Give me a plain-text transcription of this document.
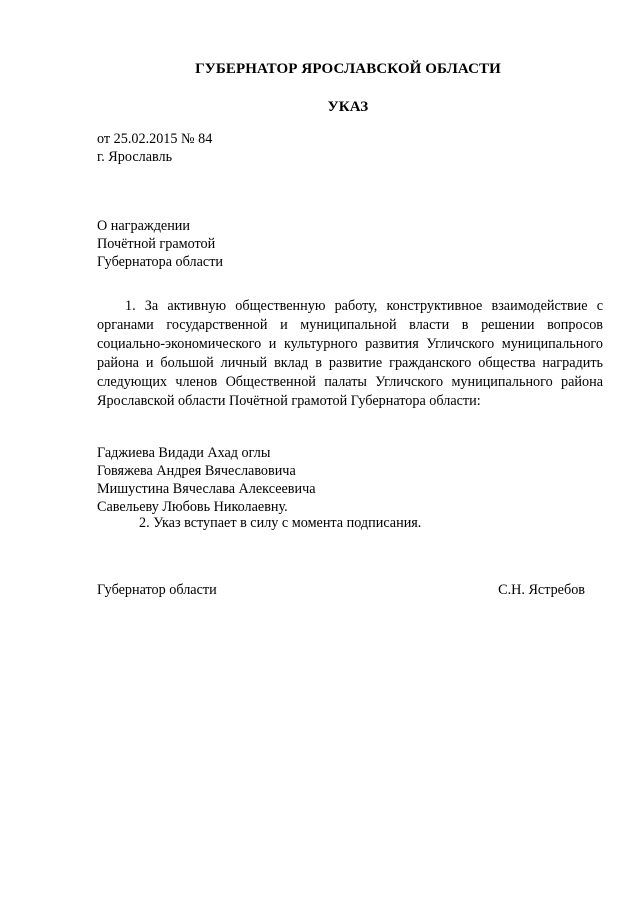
ГУБЕРНАТОР ЯРОСЛАВСКОЙ ОБЛАСТИ
УКАЗ
от 25.02.2015 № 84
г. Ярославль
О награждении
Почётной грамотой
Губернатора области
1. За активную общественную работу, конструктивное взаимодействие с органами государственной и муниципальной власти в решении вопросов социально-экономического и культурного развития Угличского муниципального района и большой личный вклад в развитие гражданского общества наградить следующих членов Общественной палаты Угличского муниципального района Ярославской области Почётной грамотой Губернатора области:
Гаджиева Видади Ахад оглы
Говяжева Андрея Вячеславовича
Мишустина Вячеслава Алексеевича
Савельеву Любовь Николаевну.
2. Указ вступает в силу с момента подписания.
Губернатор области	С.Н. Ястребов
